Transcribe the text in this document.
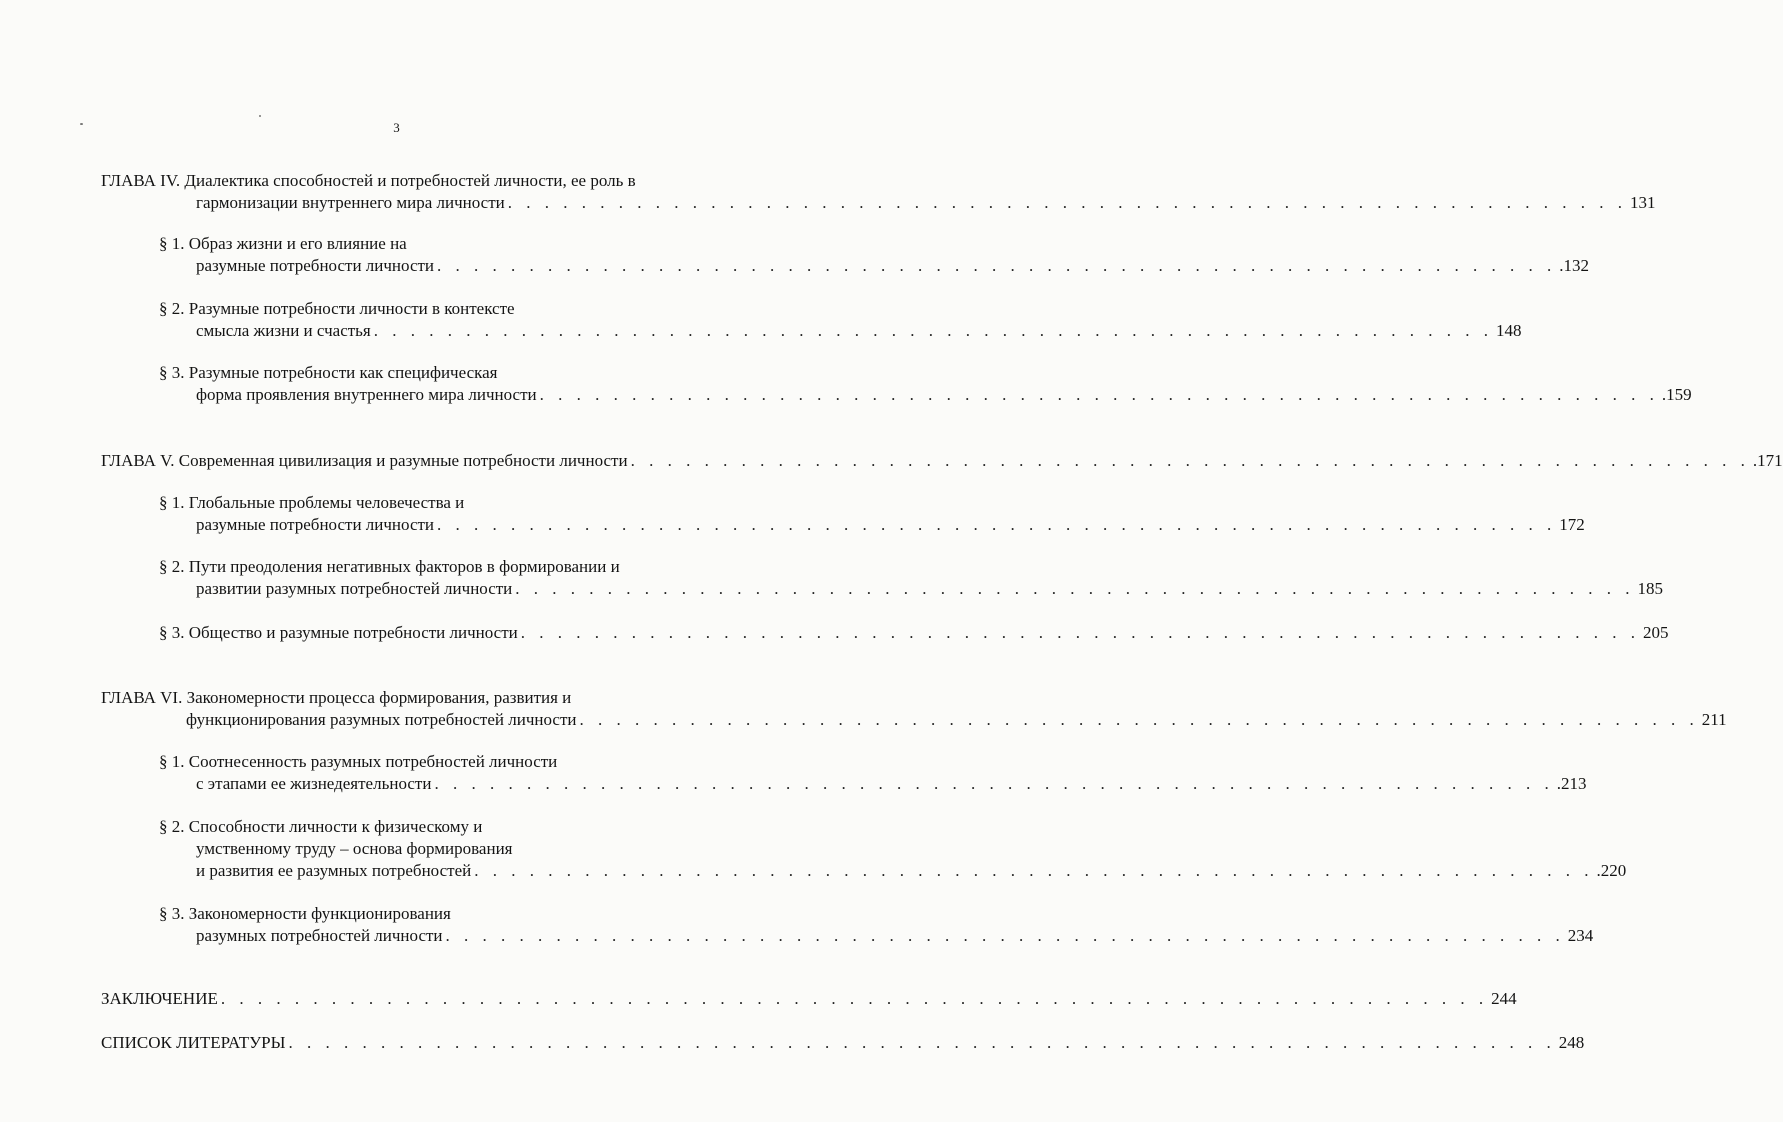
3
ГЛАВА IV. Диалектика способностей и потребностей личности, ее роль в
гармонизации внутреннего мира личности . . . . . . . . . . . . . . . . . . . . . . . . . . . . . . . . . . . . . . . . . . . . . . . . . . . . . . . . . . . . . 131
§ 1. Образ жизни и его влияние на
разумные потребности личности . . . . . . . . . . . . . . . . . . . . . . . . . . . . . . . . . . . . . . . . . . . . . . . . . . . . . . . . . . . . . .132
§ 2. Разумные потребности личности в контексте
смысла жизни и счастья . . . . . . . . . . . . . . . . . . . . . . . . . . . . . . . . . . . . . . . . . . . . . . . . . . . . . . . . . . . . . 148
§ 3. Разумные потребности как специфическая
форма проявления внутреннего мира личности . . . . . . . . . . . . . . . . . . . . . . . . . . . . . . . . . . . . . . . . . . . . . . . . . . . . . . . . . . . . . .159
ГЛАВА V. Современная цивилизация и разумные потребности личности . . . . . . . . . . . . . . . . . . . . . . . . . . . . . . . . . . . . . . . . . . . . . . . . . . . . . . . . . . . . . .171
§ 1. Глобальные проблемы человечества и
разумные потребности личности . . . . . . . . . . . . . . . . . . . . . . . . . . . . . . . . . . . . . . . . . . . . . . . . . . . . . . . . . . . . . 172
§ 2. Пути преодоления негативных факторов в формировании и
развитии разумных потребностей личности . . . . . . . . . . . . . . . . . . . . . . . . . . . . . . . . . . . . . . . . . . . . . . . . . . . . . . . . . . . . . 185
§ 3. Общество и разумные потребности личности . . . . . . . . . . . . . . . . . . . . . . . . . . . . . . . . . . . . . . . . . . . . . . . . . . . . . . . . . . . . . 205
ГЛАВА VI. Закономерности процесса формирования, развития и
функционирования разумных потребностей личности . . . . . . . . . . . . . . . . . . . . . . . . . . . . . . . . . . . . . . . . . . . . . . . . . . . . . . . . . . . . . 211
§ 1. Соотнесенность разумных потребностей личности
с этапами ее жизнедеятельности . . . . . . . . . . . . . . . . . . . . . . . . . . . . . . . . . . . . . . . . . . . . . . . . . . . . . . . . . . . . . .213
§ 2. Способности личности к физическому и
умственному труду – основа формирования
и развития ее разумных потребностей . . . . . . . . . . . . . . . . . . . . . . . . . . . . . . . . . . . . . . . . . . . . . . . . . . . . . . . . . . . . . .220
§ 3. Закономерности функционирования
разумных потребностей личности . . . . . . . . . . . . . . . . . . . . . . . . . . . . . . . . . . . . . . . . . . . . . . . . . . . . . . . . . . . . . 234
ЗАКЛЮЧЕНИЕ . . . . . . . . . . . . . . . . . . . . . . . . . . . . . . . . . . . . . . . . . . . . . . . . . . . . . . . . . . . . . . . . . . . . . 244
СПИСОК ЛИТЕРАТУРЫ . . . . . . . . . . . . . . . . . . . . . . . . . . . . . . . . . . . . . . . . . . . . . . . . . . . . . . . . . . . . . . . . . . . . . 248
